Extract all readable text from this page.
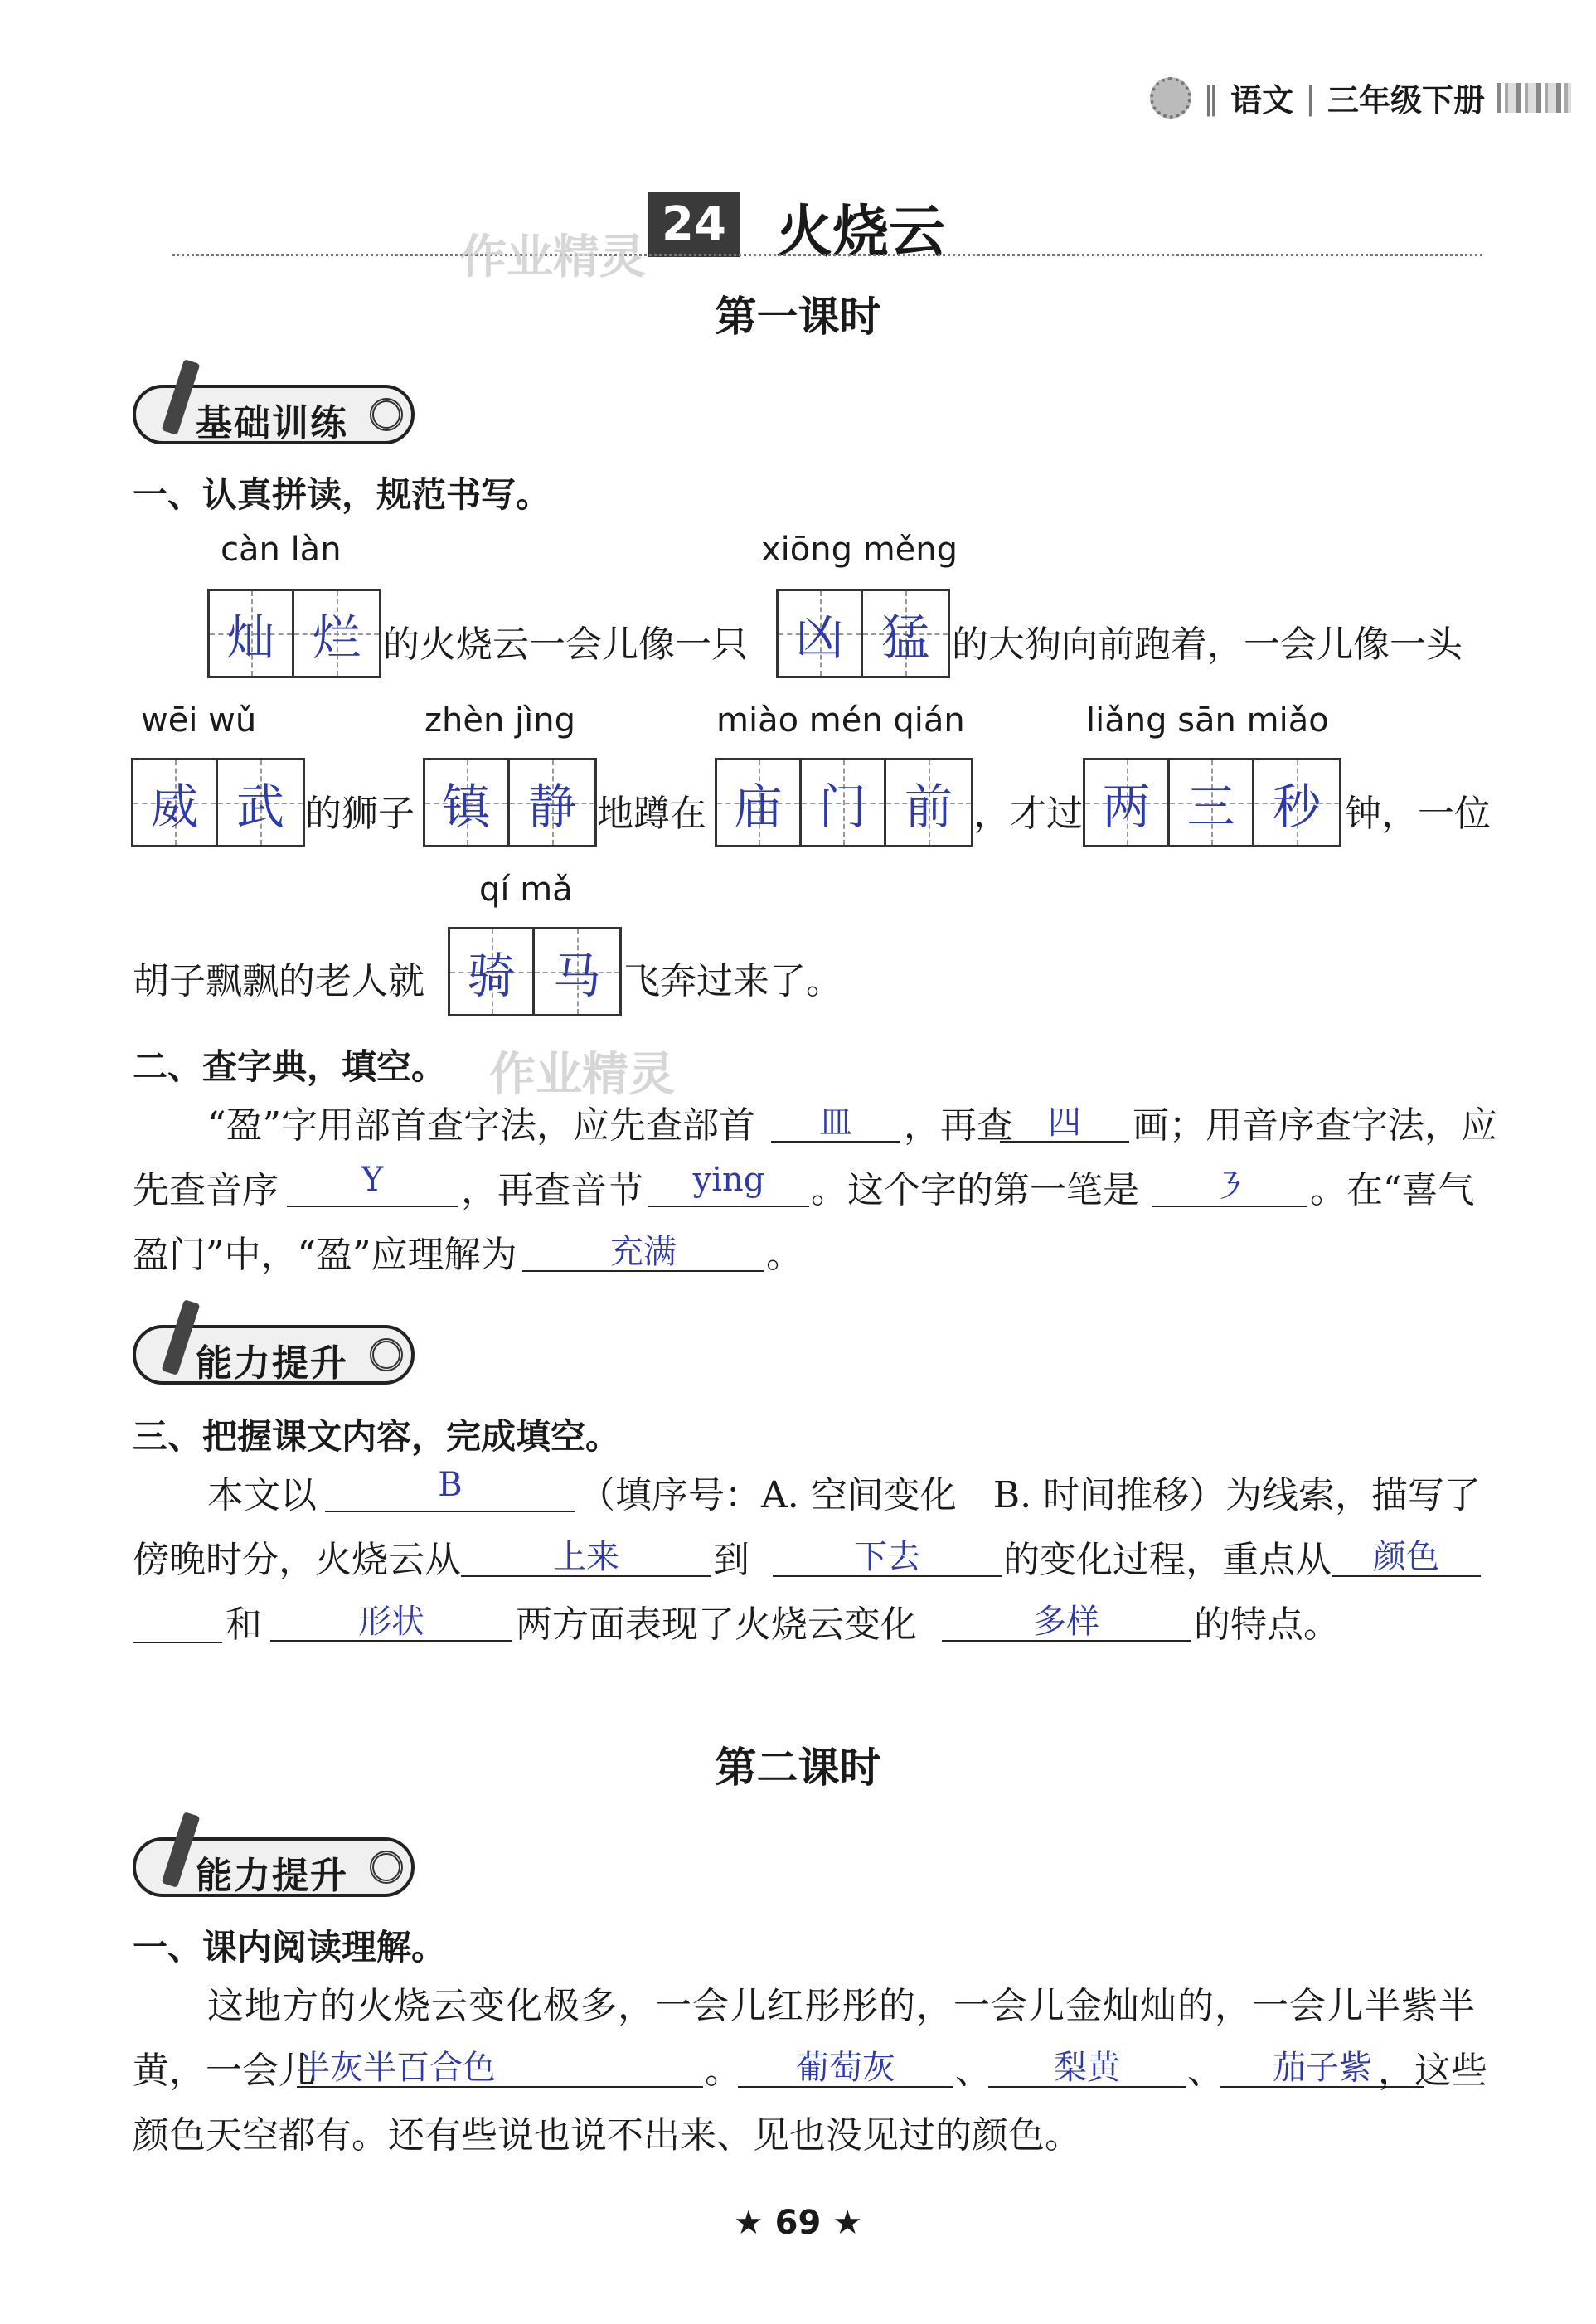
‖ 语文 | 三年级下册
24 火烧云
作业精灵
第一课时
基础训练
一、认真拼读，规范书写。
càn làn	xiōng měng
灿 烂 的火烧云一会儿像一只 凶 猛 的大狗向前跑着，一会儿像一头
wēi wǔ	zhèn jìng	miào mén qián	liǎng sān miǎo
威 武 的狮子 镇 静 地蹲在 庙 门 前 ，才过 两 三 秒 钟，一位
qí mǎ
胡子飘飘的老人就 骑 马 飞奔过来了。
二、查字典，填空。 作业精灵
“盈”字用部首查字法，应先查部首	皿	，再查	四	画；用音序查字法，应
先查音序	Y	，再查音节	ying	。这个字的第一笔是	㇋	。在“喜气
盈门”中，“盈”应理解为	充满	。
能力提升
三、把握课文内容，完成填空。
本文以	B	（填序号：A. 空间变化　B. 时间推移）为线索，描写了
傍晚时分，火烧云从	上来	到	下去	的变化过程，重点从	颜色
和	形状	两方面表现了火烧云变化	多样	的特点。
第二课时
能力提升
一、课内阅读理解。
这地方的火烧云变化极多，一会儿红彤彤的，一会儿金灿灿的，一会儿半紫半
黄，一会儿
半灰半百合色	。	葡萄灰	、	梨黄	、	茄子紫 ，这些
颜色天空都有。还有些说也说不出来、见也没见过的颜色。
★ 69 ★
